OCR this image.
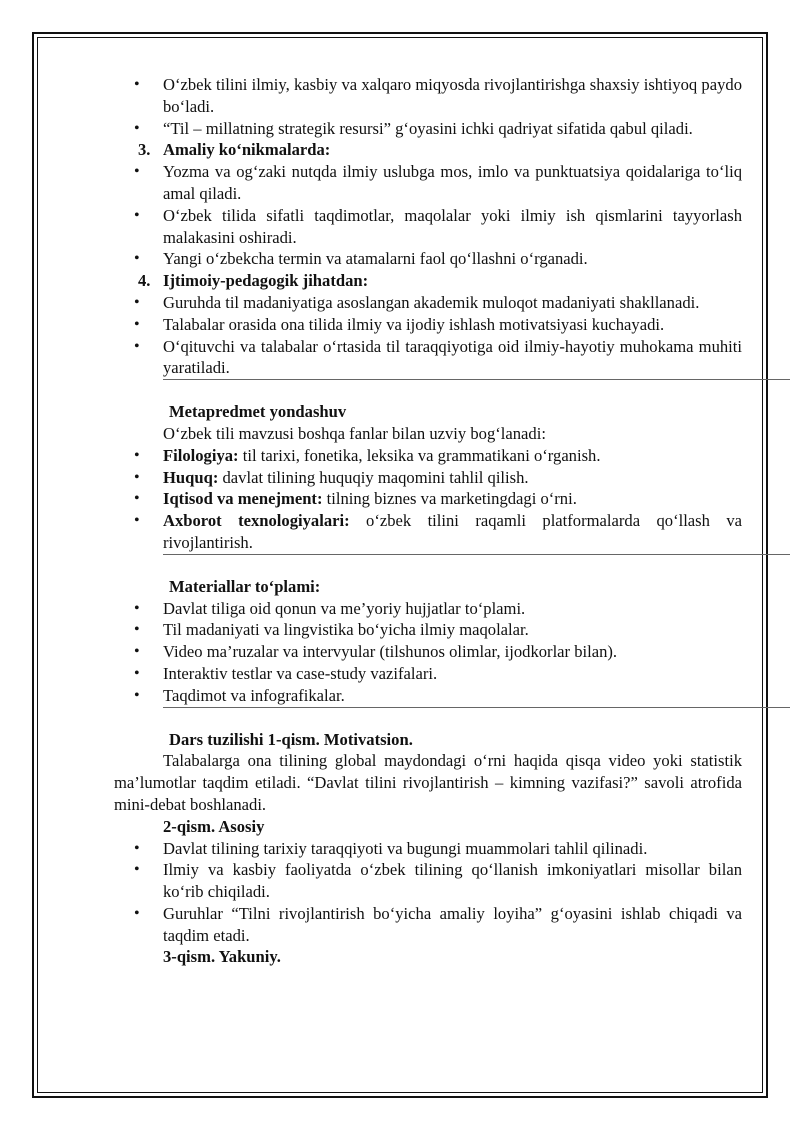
• O‘zbek tilini ilmiy, kasbiy va xalqaro miqyosda rivojlantirishga shaxsiy ishtiyoq paydo bo‘ladi.
• “Til – millatning strategik resursi” g‘oyasini ichki qadriyat sifatida qabul qiladi.
3. Amaliy ko‘nikmalarda:
• Yozma va og‘zaki nutqda ilmiy uslubga mos, imlo va punktuatsiya qoidalariga to‘liq amal qiladi.
• O‘zbek tilida sifatli taqdimotlar, maqolalar yoki ilmiy ish qismlarini tayyorlash malakasini oshiradi.
• Yangi o‘zbekcha termin va atamalarni faol qo‘llashni o‘rganadi.
4. Ijtimoiy-pedagogik jihatdan:
• Guruhda til madaniyatiga asoslangan akademik muloqot madaniyati shakllanadi.
• Talabalar orasida ona tilida ilmiy va ijodiy ishlash motivatsiyasi kuchayadi.
• O‘qituvchi va talabalar o‘rtasida til taraqqiyotiga oid ilmiy-hayotiy muhokama muhiti yaratiladi.
Metapredmet yondashuv
O‘zbek tili mavzusi boshqa fanlar bilan uzviy bog‘lanadi:
• Filologiya: til tarixi, fonetika, leksika va grammatikani o‘rganish.
• Huquq: davlat tilining huquqiy maqomini tahlil qilish.
• Iqtisod va menejment: tilning biznes va marketingdagi o‘rni.
• Axborot texnologiyalari: o‘zbek tilini raqamli platformalarda qo‘llash va rivojlantirish.
Materiallar to‘plami:
• Davlat tiliga oid qonun va me’yoriy hujjatlar to‘plami.
• Til madaniyati va lingvistika bo‘yicha ilmiy maqolalar.
• Video ma’ruzalar va intervyular (tilshunos olimlar, ijodkorlar bilan).
• Interaktiv testlar va case-study vazifalari.
• Taqdimot va infografikalar.
Dars tuzilishi 1-qism. Motivatsion.

Talabalarga ona tilining global maydondagi o‘rni haqida qisqa video yoki statistik ma’lumotlar taqdim etiladi. “Davlat tilini rivojlantirish – kimning vazifasi?” savoli atrofida mini-debat boshlanadi.

2-qism. Asosiy
• Davlat tilining tarixiy taraqqiyoti va bugungi muammolari tahlil qilinadi.
• Ilmiy va kasbiy faoliyatda o‘zbek tilining qo‘llanish imkoniyatlari misollar bilan ko‘rib chiqiladi.
• Guruhlar “Tilni rivojlantirish bo‘yicha amaliy loyiha” g‘oyasini ishlab chiqadi va taqdim etadi.
3-qism. Yakuniy.
